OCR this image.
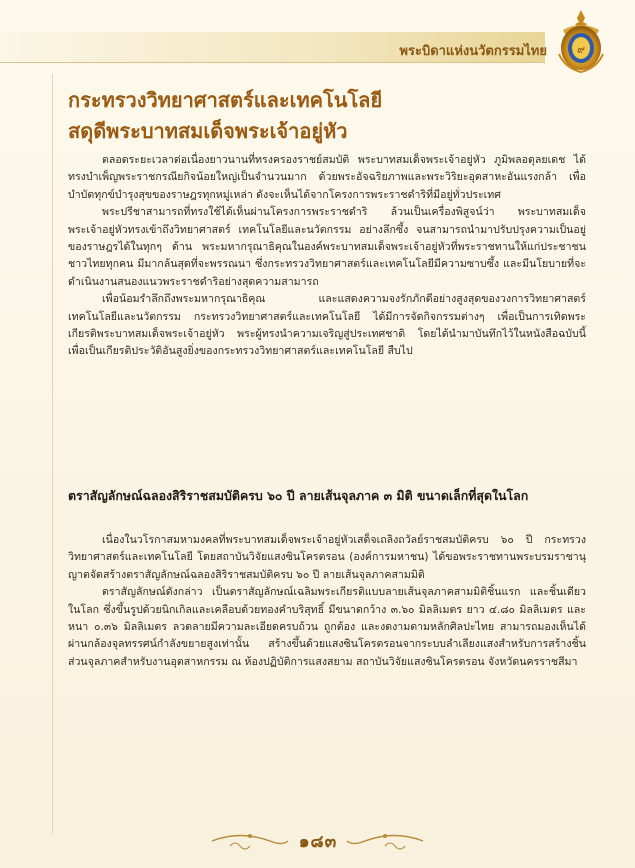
พระบิดาแห่งนวัตกรรมไทย	๙
กระทรวงวิทยาศาสตร์และเทคโนโลยี
สดุดีพระบาทสมเด็จพระเจ้าอยู่หัว

ตลอดระยะเวลาต่อเนื่องยาวนานที่ทรงครองราชย์สมบัติ พระบาทสมเด็จพระเจ้าอยู่หัว ภูมิพลอดุลยเดช ได้ทรงบำเพ็ญพระราชกรณียกิจน้อยใหญ่เป็นจำนวนมาก ด้วยพระอัจฉริยภาพและพระวิริยะอุตสาหะอันแรงกล้า เพื่อบำบัดทุกข์บำรุงสุขของราษฎรทุกหมู่เหล่า ดังจะเห็นได้จากโครงการพระราชดำริที่มีอยู่ทั่วประเทศ

พระปรีชาสามารถที่ทรงใช้ได้เห็นผ่านโครงการพระราชดำริ ล้วนเป็นเครื่องพิสูจน์ว่า พระบาทสมเด็จพระเจ้าอยู่หัวทรงเข้าถึงวิทยาศาสตร์ เทคโนโลยีและนวัตกรรม อย่างลึกซึ้ง จนสามารถนำมาปรับปรุงความเป็นอยู่ของราษฎรได้ในทุกๆ ด้าน พระมหากรุณาธิคุณในองค์พระบาทสมเด็จพระเจ้าอยู่หัวที่พระราชทานให้แก่ประชาชนชาวไทยทุกคน มีมากล้นสุดที่จะพรรณนา ซึ่งกระทรวงวิทยาศาสตร์และเทคโนโลยีมีความซาบซึ้ง และมีนโยบายที่จะดำเนินงานสนองแนวพระราชดำริอย่างสุดความสามารถ

เพื่อน้อมรำลึกถึงพระมหากรุณาธิคุณ และแสดงความจงรักภักดีอย่างสูงสุดของวงการวิทยาศาสตร์ เทคโนโลยีและนวัตกรรม กระทรวงวิทยาศาสตร์และเทคโนโลยี ได้มีการจัดกิจกรรมต่างๆ เพื่อเป็นการเทิดพระเกียรติพระบาทสมเด็จพระเจ้าอยู่หัว พระผู้ทรงนำความเจริญสู่ประเทศชาติ โดยได้นำมาบันทึกไว้ในหนังสือฉบับนี้ เพื่อเป็นเกียรติประวัติอันสูงยิ่งของกระทรวงวิทยาศาสตร์และเทคโนโลยี สืบไป

ตราสัญลักษณ์ฉลองสิริราชสมบัติครบ ๖๐ ปี ลายเส้นจุลภาค ๓ มิติ ขนาดเล็กที่สุดในโลก

เนื่องในวโรกาสมหามงคลที่พระบาทสมเด็จพระเจ้าอยู่หัวเสด็จเถลิงถวัลย์ราชสมบัติครบ ๖๐ ปี กระทรวงวิทยาศาสตร์และเทคโนโลยี โดยสถาบันวิจัยแสงซินโครตรอน (องค์การมหาชน) ได้ขอพระราชทานพระบรมราชานุญาตจัดสร้างตราสัญลักษณ์ฉลองสิริราชสมบัติครบ ๖๐ ปี ลายเส้นจุลภาคสามมิติ

ตราสัญลักษณ์ดังกล่าว เป็นตราสัญลักษณ์เฉลิมพระเกียรติแบบลายเส้นจุลภาคสามมิติชิ้นแรก และชิ้นเดียวในโลก ซึ่งขึ้นรูปด้วยนิกเกิลและเคลือบด้วยทองคำบริสุทธิ์ มีขนาดกว้าง ๓.๖๐ มิลลิเมตร ยาว ๔.๘๐ มิลลิเมตร และหนา ๐.๓๖ มิลลิเมตร ลวดลายมีความละเอียดครบถ้วน ถูกต้อง และงดงามตามหลักศิลปะไทย สามารถมองเห็นได้ผ่านกล้องจุลทรรศน์กำลังขยายสูงเท่านั้น สร้างขึ้นด้วยแสงซินโครตรอนจากระบบลำเลียงแสงสำหรับการสร้างชิ้นส่วนจุลภาคสำหรับงานอุตสาหกรรม ณ ห้องปฏิบัติการแสงสยาม สถาบันวิจัยแสงซินโครตรอน จังหวัดนครราชสีมา

๑๘๓
